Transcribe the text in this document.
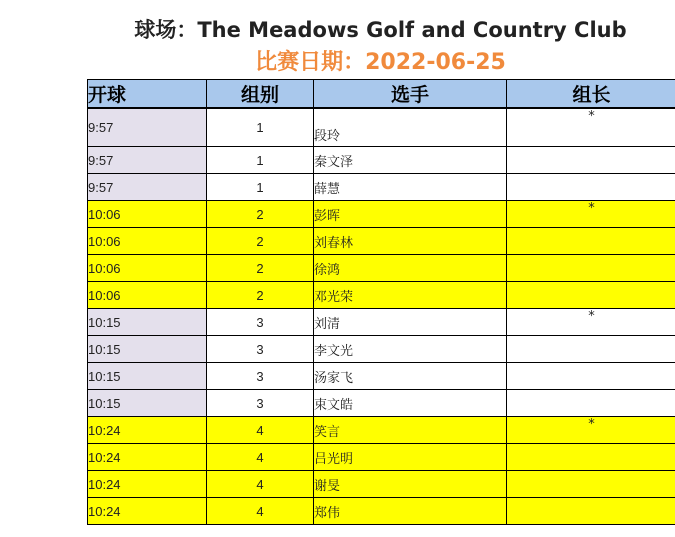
球场：The Meadows Golf and Country Club
比赛日期：2022-06-25
开球	组别	选手	组长
9:57	1	段玲	*
9:57	1	秦文泽	
9:57	1	薛慧	
10:06	2	彭晖	*
10:06	2	刘春林	
10:06	2	徐鸿	
10:06	2	邓光荣	
10:15	3	刘清	*
10:15	3	李文光	
10:15	3	汤家飞	
10:15	3	束文皓	
10:24	4	笑言	*
10:24	4	吕光明	
10:24	4	谢旻	
10:24	4	郑伟	
